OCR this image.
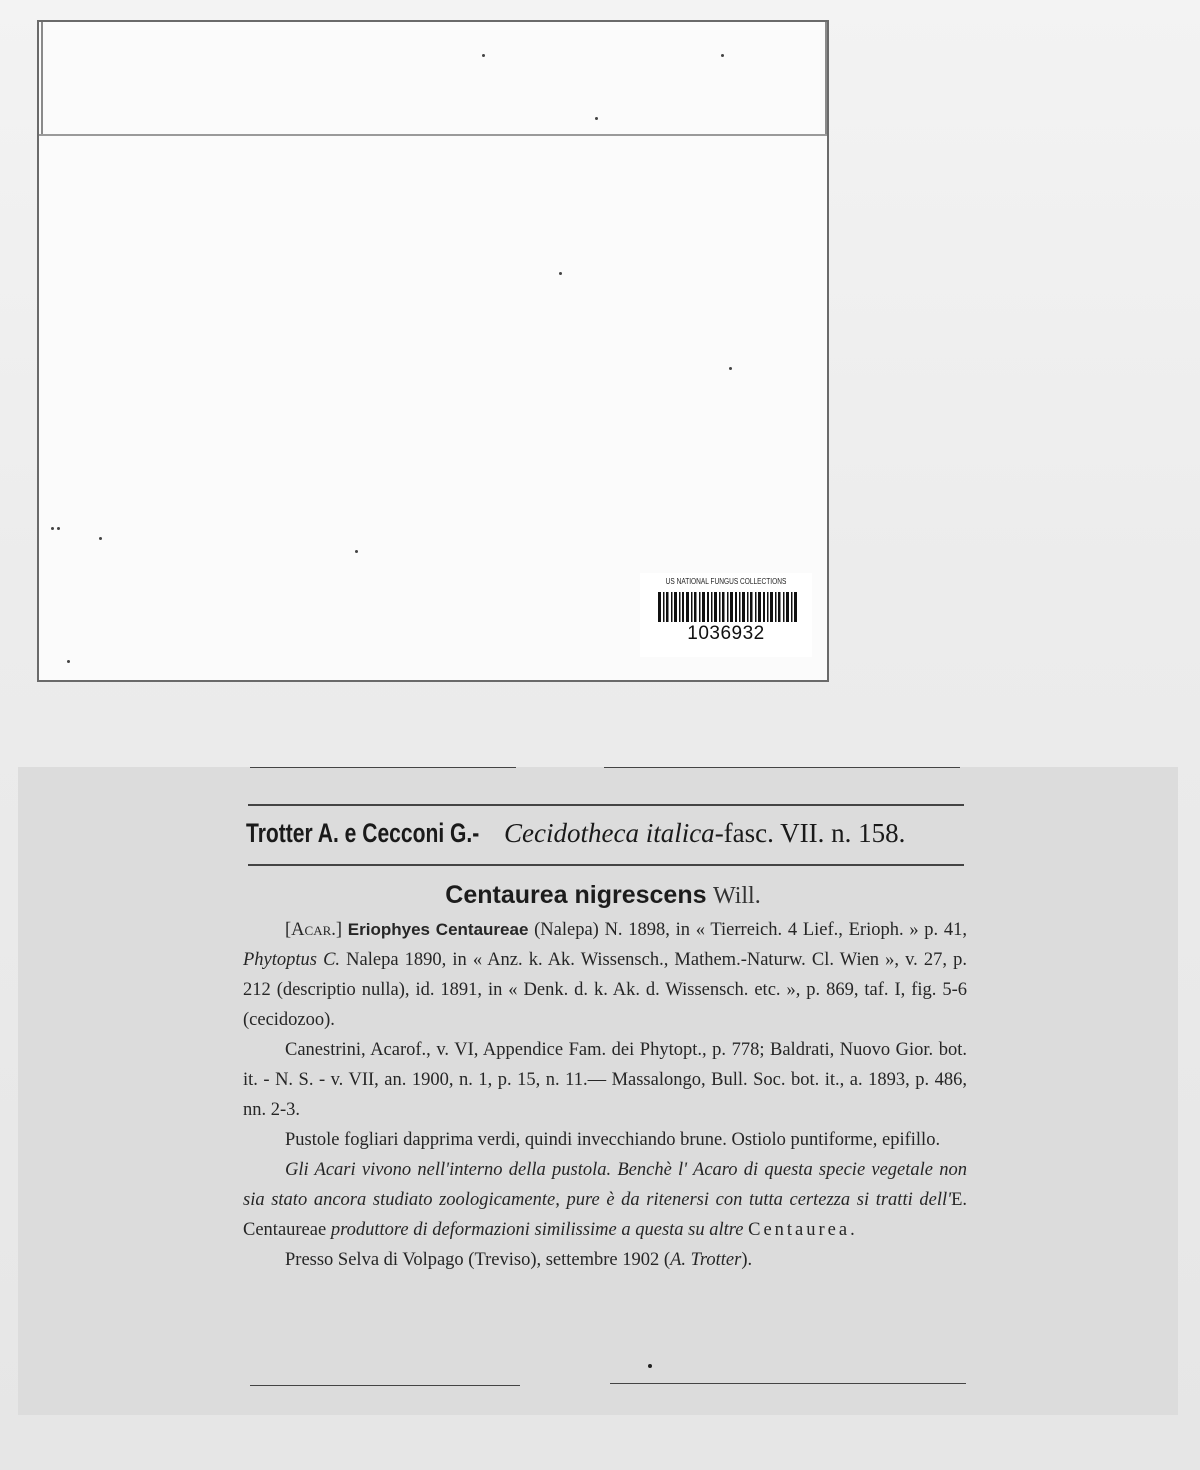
US NATIONAL FUNGUS COLLECTIONS
1036932
Trotter A. e Cecconi G.- Cecidotheca italica-fasc. VII. n. 158.
Centaurea nigrescens Will.

[Acar.] Eriophyes Centaureae (Nalepa) N. 1898, in « Tierreich. 4 Lief., Erioph. » p. 41, Phytoptus C. Nalepa 1890, in « Anz. k. Ak. Wissensch., Mathem.-Naturw. Cl. Wien », v. 27, p. 212 (descriptio nulla), id. 1891, in « Denk. d. k. Ak. d. Wissensch. etc. », p. 869, taf. I, fig. 5-6 (cecidozoo).

Canestrini, Acarof., v. VI, Appendice Fam. dei Phytopt., p. 778; Baldrati, Nuovo Gior. bot. it. - N. S. - v. VII, an. 1900, n. 1, p. 15, n. 11.— Massalongo, Bull. Soc. bot. it., a. 1893, p. 486, nn. 2-3.

Pustole fogliari dapprima verdi, quindi invecchiando brune. Ostiolo puntiforme, epifillo.

Gli Acari vivono nell'interno della pustola. Benchè l' Acaro di questa specie vegetale non sia stato ancora studiato zoologicamente, pure è da ritenersi con tutta certezza si tratti dell'E. Centaureae produttore di deformazioni similissime a questa su altre Centaurea.

Presso Selva di Volpago (Treviso), settembre 1902 (A. Trotter).
